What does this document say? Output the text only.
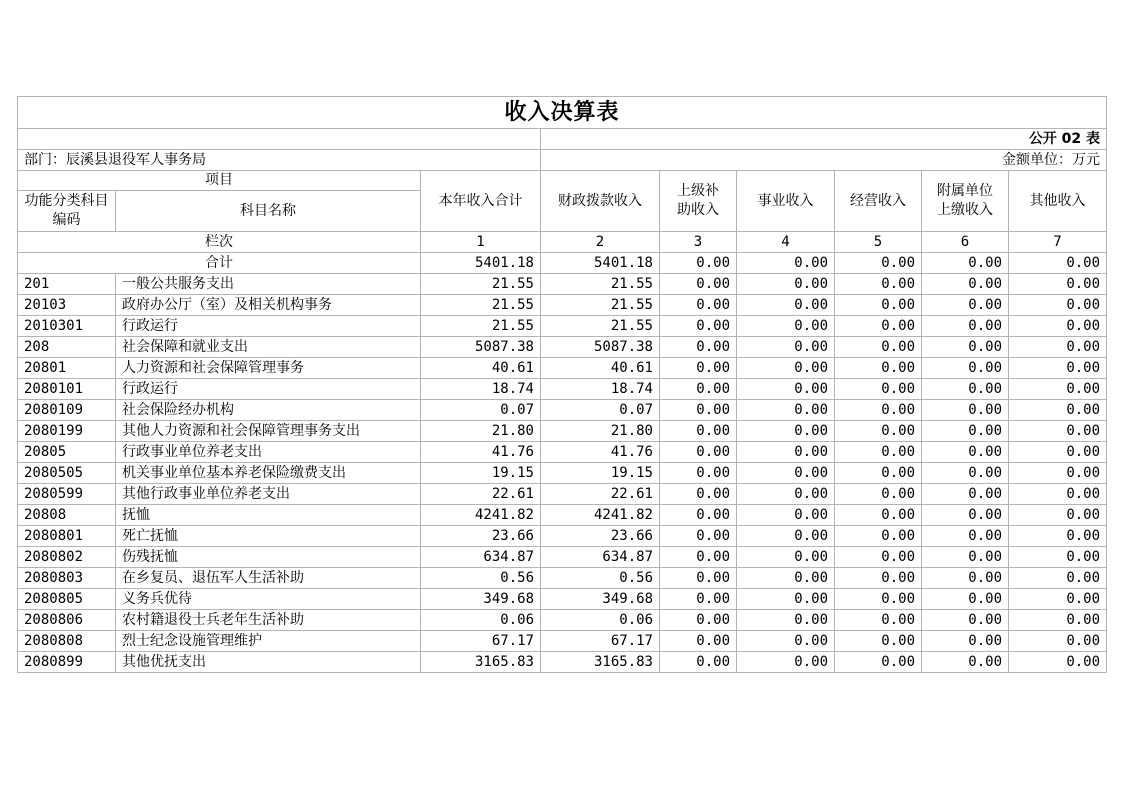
收入决算表								
			公开 02 表					
部门：辰溪县退役军人事务局			金额单位：万元					
项目		本年收入合计	财政拨款收入	上级补助收入	事业收入	经营收入	附属单位上缴收入	其他收入
功能分类科目编码	科目名称							
栏次		1	2	3	4	5	6	7
合计		5401.18	5401.18	0.00	0.00	0.00	0.00	0.00
201	一般公共服务支出	21.55	21.55	0.00	0.00	0.00	0.00	0.00
20103	政府办公厅（室）及相关机构事务	21.55	21.55	0.00	0.00	0.00	0.00	0.00
2010301	行政运行	21.55	21.55	0.00	0.00	0.00	0.00	0.00
208	社会保障和就业支出	5087.38	5087.38	0.00	0.00	0.00	0.00	0.00
20801	人力资源和社会保障管理事务	40.61	40.61	0.00	0.00	0.00	0.00	0.00
2080101	行政运行	18.74	18.74	0.00	0.00	0.00	0.00	0.00
2080109	社会保险经办机构	0.07	0.07	0.00	0.00	0.00	0.00	0.00
2080199	其他人力资源和社会保障管理事务支出	21.80	21.80	0.00	0.00	0.00	0.00	0.00
20805	行政事业单位养老支出	41.76	41.76	0.00	0.00	0.00	0.00	0.00
2080505	机关事业单位基本养老保险缴费支出	19.15	19.15	0.00	0.00	0.00	0.00	0.00
2080599	其他行政事业单位养老支出	22.61	22.61	0.00	0.00	0.00	0.00	0.00
20808	抚恤	4241.82	4241.82	0.00	0.00	0.00	0.00	0.00
2080801	死亡抚恤	23.66	23.66	0.00	0.00	0.00	0.00	0.00
2080802	伤残抚恤	634.87	634.87	0.00	0.00	0.00	0.00	0.00
2080803	在乡复员、退伍军人生活补助	0.56	0.56	0.00	0.00	0.00	0.00	0.00
2080805	义务兵优待	349.68	349.68	0.00	0.00	0.00	0.00	0.00
2080806	农村籍退役士兵老年生活补助	0.06	0.06	0.00	0.00	0.00	0.00	0.00
2080808	烈士纪念设施管理维护	67.17	67.17	0.00	0.00	0.00	0.00	0.00
2080899	其他优抚支出	3165.83	3165.83	0.00	0.00	0.00	0.00	0.00
